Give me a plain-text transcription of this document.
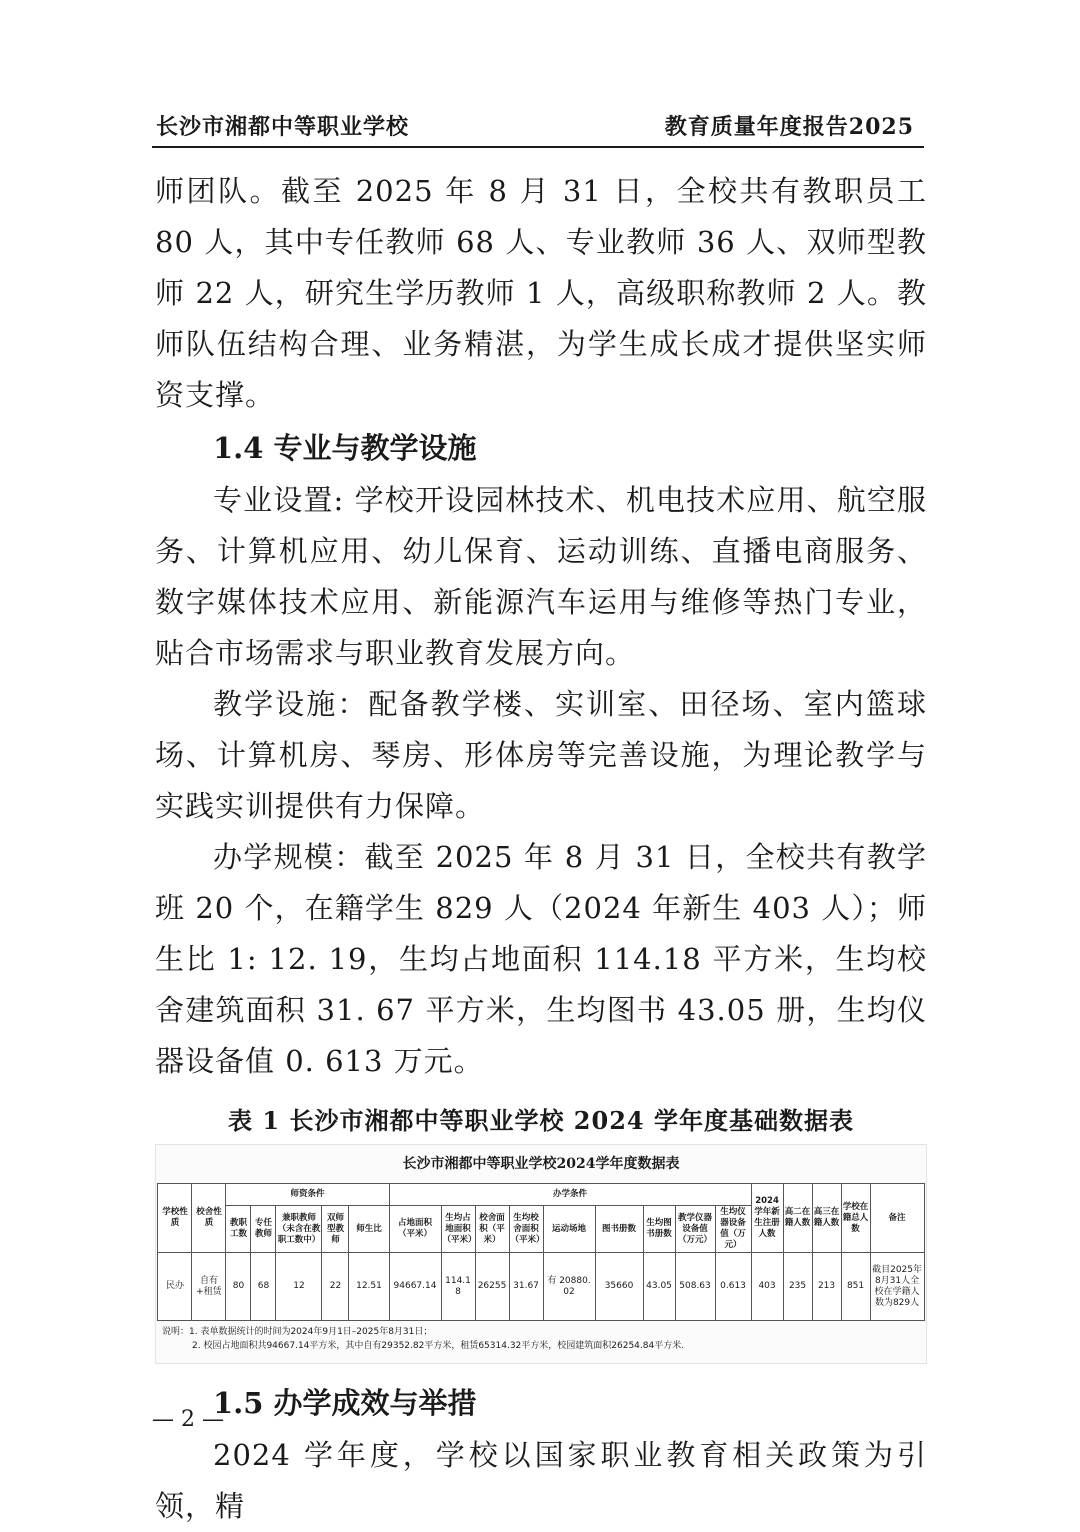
长沙市湘都中等职业学校	教育质量年度报告2025

师团队。截至 2025 年 8 月 31 日，全校共有教职员工 80 人，其中专任教师 68 人、专业教师 36 人、双师型教师 22 人，研究生学历教师 1 人，高级职称教师 2 人。教师队伍结构合理、业务精湛，为学生成长成才提供坚实师资支撑。

1.4 专业与教学设施

专业设置: 学校开设园林技术、机电技术应用、航空服务、计算机应用、幼儿保育、运动训练、直播电商服务、数字媒体技术应用、新能源汽车运用与维修等热门专业，贴合市场需求与职业教育发展方向。

教学设施：配备教学楼、实训室、田径场、室内篮球场、计算机房、琴房、形体房等完善设施，为理论教学与实践实训提供有力保障。

办学规模：截至 2025 年 8 月 31 日，全校共有教学班 20 个，在籍学生 829 人（2024 年新生 403 人）；师生比 1: 12. 19，生均占地面积 114.18 平方米，生均校舍建筑面积 31. 67 平方米，生均图书 43.05 册，生均仪器设备值 0. 613 万元。

表 1 长沙市湘都中等职业学校 2024 学年度基础数据表
长沙市湘都中等职业学校2024学年度数据表
学校性质	校舍性质	师资条件					办学条件									2024学年新生注册人数	高二在籍人数	高三在籍人数	学校在籍总人数	备注
		教职工数	专任教师	兼职教师（未含在教职工数中）	双师型教师	师生比	占地面积（平米）	生均占地面积（平米）	校舍面积（平米）	生均校舍面积（平米）	运动场地	图书册数	生均图书册数	教学仪器设备值（万元）	生均仪器设备值（万元）					
民办	自有+租赁	80	68	12	22	12.51	94667.14	114.18	26255	31.67	有 20880.02	35660	43.05	508.63	0.613	403	235	213	851	截目2025年8月31人全校在学籍人数为829人
说明：1. 表单数据统计的时间为2024年9月1日–2025年8月31日；
2. 校园占地面积共94667.14平方米，其中自有29352.82平方米，租赁65314.32平方米，校园建筑面积26254.84平方米.

1.5 办学成效与举措

2024 学年度，学校以国家职业教育相关政策为引领，精

— 2 —
